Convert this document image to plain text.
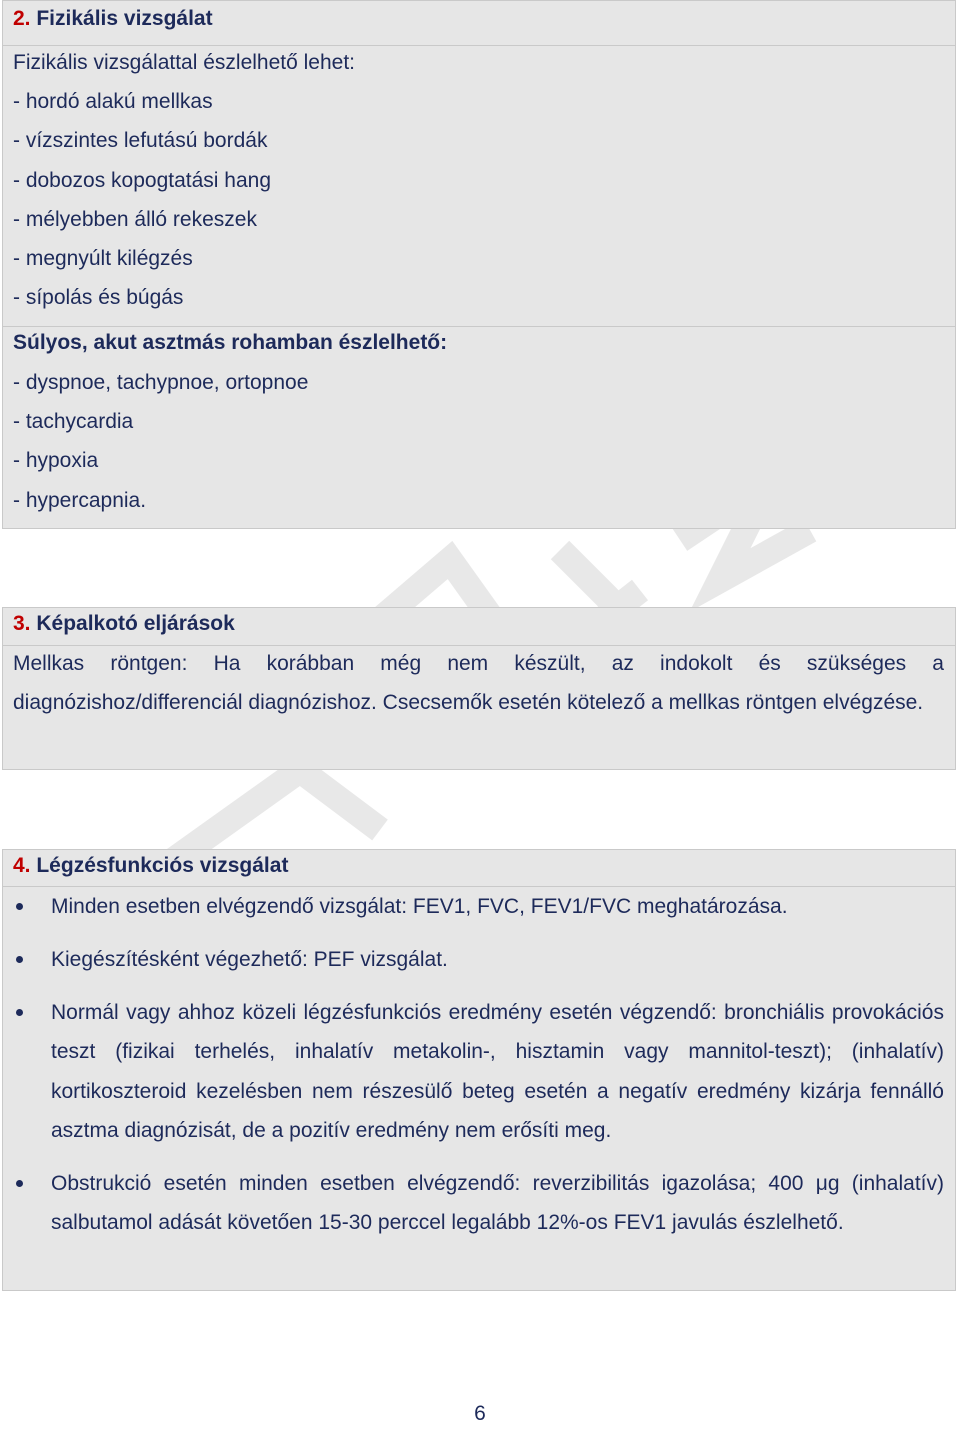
2. Fizikális vizsgálat
Fizikális vizsgálattal észlelhető lehet:
- hordó alakú mellkas
- vízszintes lefutású bordák
- dobozos kopogtatási hang
- mélyebben álló rekeszek
- megnyúlt kilégzés
- sípolás és búgás
Súlyos, akut asztmás rohamban észlelhető:
- dyspnoe, tachypnoe, ortopnoe
- tachycardia
- hypoxia
- hypercapnia.
3. Képalkotó eljárások
Mellkas röntgen: Ha korábban még nem készült, az indokolt és szükséges a diagnózishoz/differenciál diagnózishoz. Csecsemők esetén kötelező a mellkas röntgen elvégzése.
4. Légzésfunkciós vizsgálat
Minden esetben elvégzendő vizsgálat: FEV1, FVC, FEV1/FVC meghatározása.
Kiegészítésként végezhető: PEF vizsgálat.
Normál vagy ahhoz közeli légzésfunkciós eredmény esetén végzendő: bronchiális provokációs teszt (fizikai terhelés, inhalatív metakolin-, hisztamin vagy mannitol-teszt); (inhalatív) kortikoszteroid kezelésben nem részesülő beteg esetén a negatív eredmény kizárja fennálló asztma diagnózisát, de a pozitív eredmény nem erősíti meg.
Obstrukció esetén minden esetben elvégzendő: reverzibilitás igazolása; 400 μg (inhalatív) salbutamol adását követően 15-30 perccel legalább 12%-os FEV1 javulás észlelhető.
6
